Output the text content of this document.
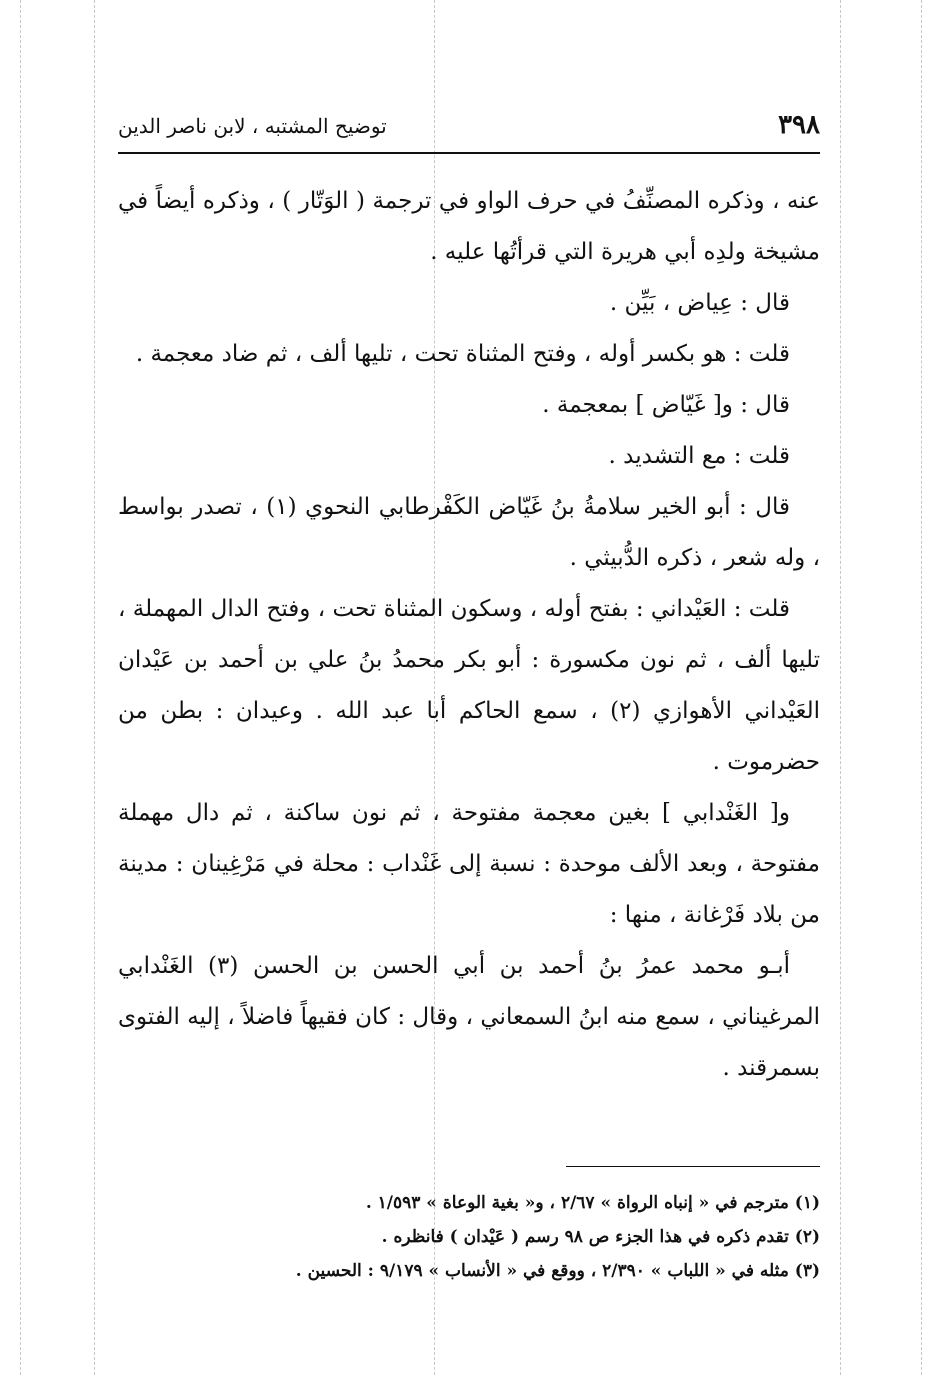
٣٩٨
توضيح المشتبه ، لابن ناصر الدين

عنه ، وذكره المصنِّفُ في حرف الواو في ترجمة ( الوَتّار ) ، وذكره أيضاً في مشيخة ولدِه أبي هريرة التي قرأتُها عليه .

قال : عِياض ، بَيِّن .

قلت : هو بكسر أوله ، وفتح المثناة تحت ، تليها ألف ، ثم ضاد معجمة .

قال : و[ غَيّاض ] بمعجمة .

قلت : مع التشديد .

قال : أبو الخير سلامةُ بنُ غَيّاض الكَفْرطابي النحوي (١) ، تصدر بواسط ، وله شعر ، ذكره الدُّبيثي .

قلت : العَيْداني : بفتح أوله ، وسكون المثناة تحت ، وفتح الدال المهملة ، تليها ألف ، ثم نون مكسورة : أبو بكر محمدُ بنُ علي بن أحمد بن عَيْدان العَيْداني الأهوازي (٢) ، سمع الحاكم أبا عبد الله . وعيدان : بطن من حضرموت .

و[ الغَنْدابي ] بغين معجمة مفتوحة ، ثم نون ساكنة ، ثم دال مهملة مفتوحة ، وبعد الألف موحدة : نسبة إلى غَنْداب : محلة في مَرْغِينان : مدينة من بلاد فَرْغانة ، منها :

أبـو محمد عمرُ بنُ أحمد بن أبي الحسن بن الحسن (٣) الغَنْدابي المرغيناني ، سمع منه ابنُ السمعاني ، وقال : كان فقيهاً فاضلاً ، إليه الفتوى بسمرقند .

(١) مترجم في « إنباه الرواة » ٢/٦٧ ، و« بغية الوعاة » ١/٥٩٣ .

(٢) تقدم ذكره في هذا الجزء ص ٩٨ رسم ( عَيْدان ) فانظره .

(٣) مثله في « اللباب » ٢/٣٩٠ ، ووقع في « الأنساب » ٩/١٧٩ : الحسين .
